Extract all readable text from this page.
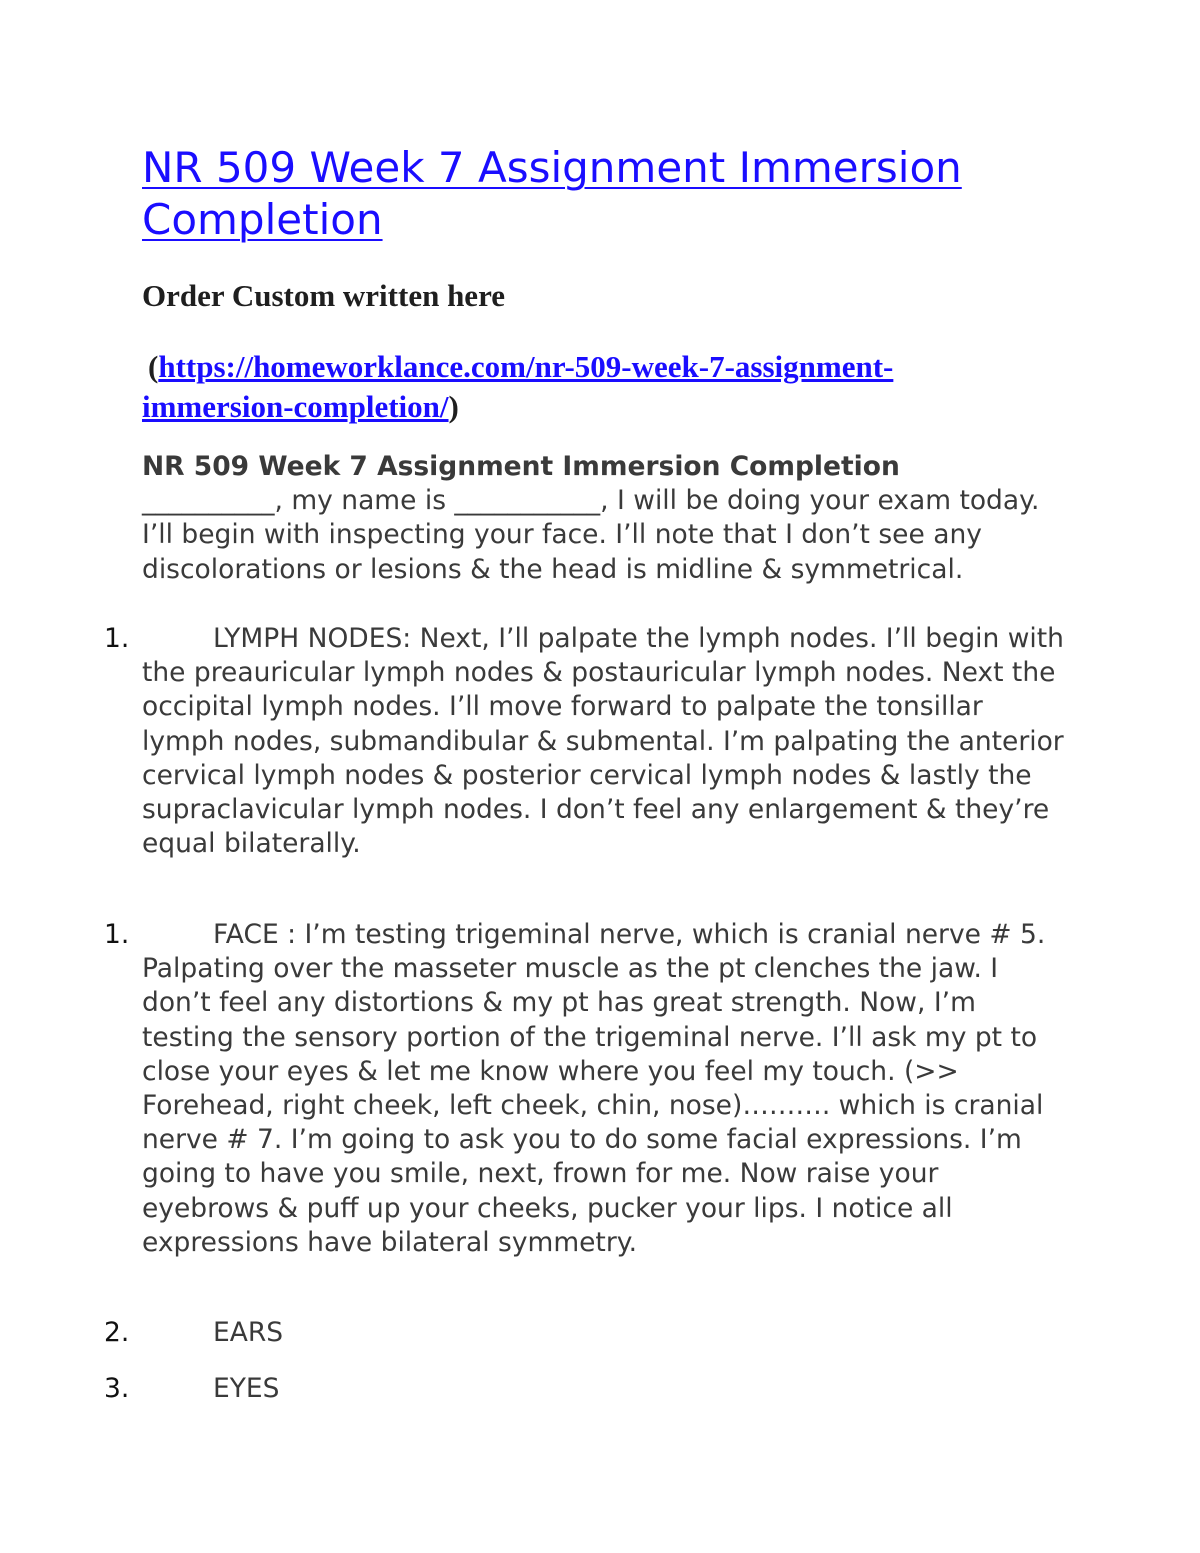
NR 509 Week 7 Assignment Immersion Completion
Order Custom written here
(https://homeworklance.com/nr-509-week-7-assignment-immersion-completion/)
NR 509 Week 7 Assignment Immersion Completion
__________, my name is ___________, I will be doing your exam today. I’ll begin with inspecting your face. I’ll note that I don’t see any discolorations or lesions & the head is midline & symmetrical.
1.	LYMPH NODES: Next, I’ll palpate the lymph nodes. I’ll begin with the preauricular lymph nodes & postauricular lymph nodes. Next the occipital lymph nodes. I’ll move forward to palpate the tonsillar lymph nodes, submandibular & submental. I’m palpating the anterior cervical lymph nodes & posterior cervical lymph nodes & lastly the supraclavicular lymph nodes. I don’t feel any enlargement & they’re equal bilaterally.
1.	FACE : I’m testing trigeminal nerve, which is cranial nerve # 5. Palpating over the masseter muscle as the pt clenches the jaw. I don’t feel any distortions & my pt has great strength. Now, I’m testing the sensory portion of the trigeminal nerve. I’ll ask my pt to close your eyes & let me know where you feel my touch. (>> Forehead, right cheek, left cheek, chin, nose)………. which is cranial nerve # 7. I’m going to ask you to do some facial expressions. I’m going to have you smile, next, frown for me. Now raise your eyebrows & puff up your cheeks, pucker your lips. I notice all expressions have bilateral symmetry.
2.	EARS
3.	EYES
